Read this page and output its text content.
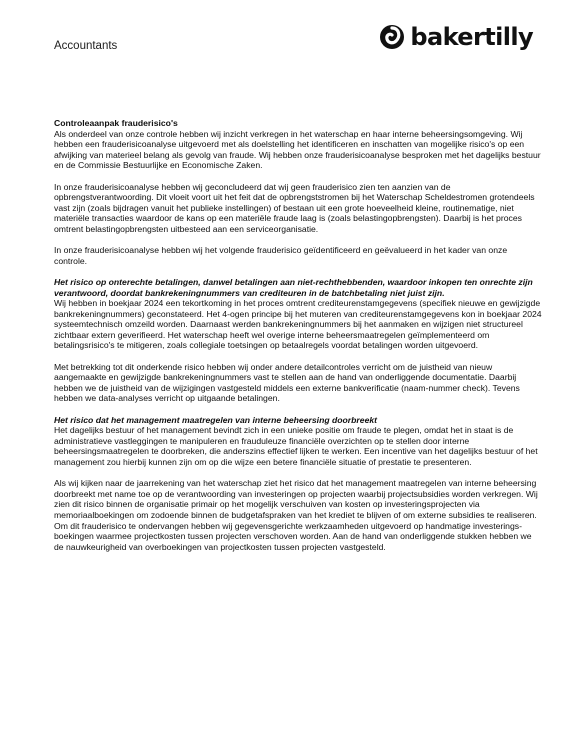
Accountants	bakertilly
Controleaanpak frauderisico's

Als onderdeel van onze controle hebben wij inzicht verkregen in het waterschap en haar interne beheersingsomgeving. Wij hebben een frauderisicoanalyse uitgevoerd met als doelstelling het identificeren en inschatten van mogelijke risico's op een afwijking van materieel belang als gevolg van fraude. Wij hebben onze frauderisicoanalyse besproken met het dagelijks bestuur en de Commissie Bestuurlijke en Economische Zaken.

In onze frauderisicoanalyse hebben wij geconcludeerd dat wij geen frauderisico zien ten aanzien van de opbrengstverantwoording. Dit vloeit voort uit het feit dat de opbrengststromen bij het Waterschap Scheldestromen grotendeels vast zijn (zoals bijdragen vanuit het publieke instellingen) of bestaan uit een grote hoeveelheid kleine, routinematige, niet materiële transacties waardoor de kans op een materiële fraude laag is (zoals belastingopbrengsten). Daarbij is het proces omtrent belastingopbrengsten uitbesteed aan een serviceorganisatie.

In onze frauderisicoanalyse hebben wij het volgende frauderisico geïdentificeerd en geëvalueerd in het kader van onze controle.

Het risico op onterechte betalingen, danwel betalingen aan niet-rechthebbenden, waardoor inkopen ten onrechte zijn verantwoord, doordat bankrekeningnummers van crediteuren in de batchbetaling niet juist zijn.

Wij hebben in boekjaar 2024 een tekortkoming in het proces omtrent crediteurenstamgegevens (specifiek nieuwe en gewijzigde bankrekeningnummers) geconstateerd. Het 4-ogen principe bij het muteren van crediteurenstamgegevens kon in boekjaar 2024 systeemtechnisch omzeild worden. Daarnaast werden bankrekeningnummers bij het aanmaken en wijzigen niet structureel zichtbaar extern geverifieerd. Het waterschap heeft wel overige interne beheersmaatregelen geïmplementeerd om betalingsrisico's te mitigeren, zoals collegiale toetsingen op betaalregels voordat betalingen worden uitgevoerd.

Met betrekking tot dit onderkende risico hebben wij onder andere detailcontroles verricht om de juistheid van nieuw aangemaakte en gewijzigde bankrekeningnummers vast te stellen aan de hand van onderliggende documentatie. Daarbij hebben we de juistheid van de wijzigingen vastgesteld middels een externe bankverificatie (naam-nummer check). Tevens hebben we data-analyses verricht op uitgaande betalingen.

Het risico dat het management maatregelen van interne beheersing doorbreekt

Het dagelijks bestuur of het management bevindt zich in een unieke positie om fraude te plegen, omdat het in staat is de administratieve vastleggingen te manipuleren en frauduleuze financiële overzichten op te stellen door interne beheersingsmaatregelen te doorbreken, die anderszins effectief lijken te werken. Een incentive van het dagelijks bestuur of het management zou hierbij kunnen zijn om op die wijze een betere financiële situatie of prestatie te presenteren.

Als wij kijken naar de jaarrekening van het waterschap ziet het risico dat het management maatregelen van interne beheersing doorbreekt met name toe op de verantwoording van investeringen op projecten waarbij projectsubsidies worden verkregen. Wij zien dit risico binnen de organisatie primair op het mogelijk verschuiven van kosten op investeringsprojecten via memoriaalboekingen om zodoende binnen de budgetafspraken van het krediet te blijven of om externe subsidies te realiseren. Om dit frauderisico te ondervangen hebben wij gegevensgerichte werkzaamheden uitgevoerd op handmatige investerings-boekingen waarmee projectkosten tussen projecten verschoven worden. Aan de hand van onderliggende stukken hebben we de nauwkeurigheid van overboekingen van projectkosten tussen projecten vastgesteld.
